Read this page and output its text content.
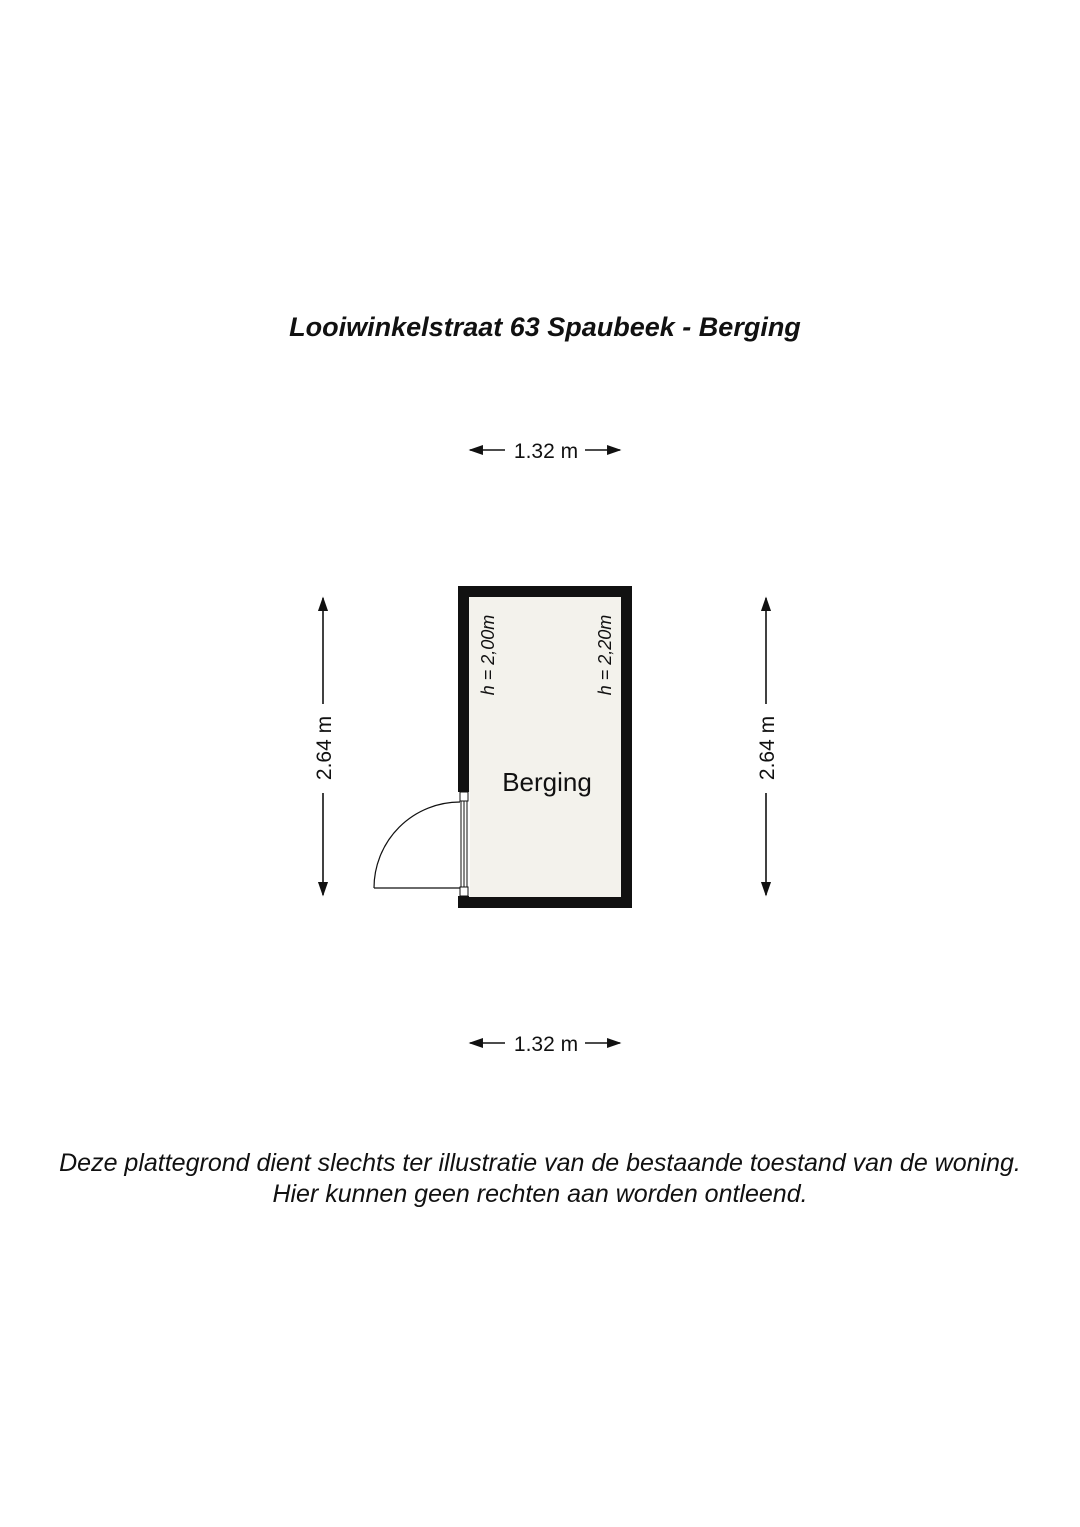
Looiwinkelstraat 63 Spaubeek - Berging
1.32 m
1.32 m
2.64 m	2.64 m
h = 2,00m	h = 2,20m
Berging
Deze plattegrond dient slechts ter illustratie van de bestaande toestand van de woning.
Hier kunnen geen rechten aan worden ontleend.
